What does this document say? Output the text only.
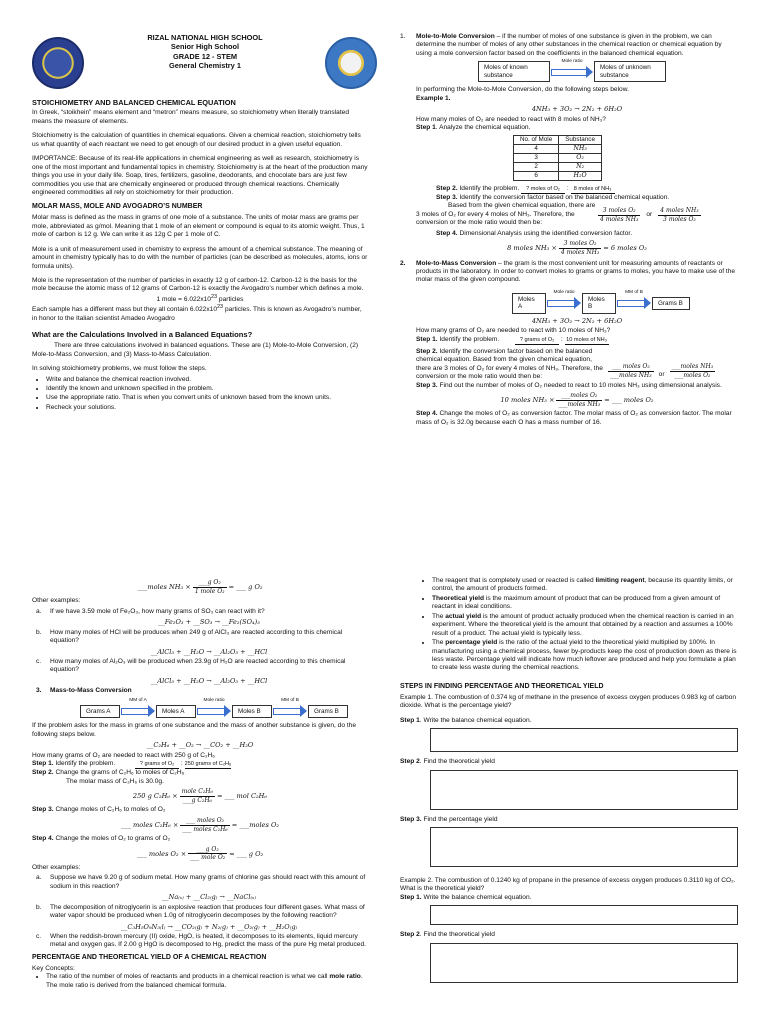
RIZAL NATIONAL HIGH SCHOOL
Senior High School
GRADE 12 - STEM
General Chemistry 1
STOICHIOMETRY AND BALANCED CHEMICAL EQUATION

In Greek, “stoikhein” means element and “metron” means measure, so stoichiometry when literally translated means the measure of elements.

Stoichiometry is the calculation of quantities in chemical equations. Given a chemical reaction, stoichiometry tells us what quantity of each reactant we need to get enough of our desired product in a given useful equation.

IMPORTANCE: Because of its real-life applications in chemical engineering as well as research, stoichiometry is one of the most important and fundamental topics in chemistry. Stoichiometry is at the heart of the production many things you use in your daily life. Soap, tires, fertilizers, gasoline, deodorants, and chocolate bars are just few commodities you use that are chemically engineered or produced through chemical reactions. Chemically engineered commodities all rely on stoichiometry for their production.

MOLAR MASS, MOLE AND AVOGADRO’S NUMBER

Molar mass is defined as the mass in grams of one mole of a substance. The units of molar mass are grams per mole, abbreviated as g/mol. Meaning that 1 mole of an element or compound is equal to its atomic weight. Thus, 1 mole of carbon is 12 g. We can write it as 12g C per 1 mole of C.

Mole is a unit of measurement used in chemistry to express the amount of a chemical substance. The meaning of amount in chemistry typically has to do with the number of particles (can be described as molecules, atoms, ions or formula units).

Mole is the representation of the number of particles in exactly 12 g of carbon-12. Carbon-12 is the basis for the mole because the atomic mass of 12 grams of Carbon-12 is exactly the Avogadro’s number which defines a mole.

1 mole = $6.022x10^{23}$ particles

Each sample has a different mass but they all contain $6.022x10^{23}$ particles. This is known as Avogadro’s number, in honor to the Italian scientist Amadeo Avogadro

What are the Calculations Involved in a Balanced Equations?

There are three calculations involved in balanced equations. These are (1) Mole-to-Mole Conversion, (2) Mole-to-Mass Conversion, and (3) Mass-to-Mass Calculation.

In solving stoichiometry problems, we must follow the steps.

• Write and balance the chemical reaction involved.
• Identify the known and unknown specified in the problem.
• Use the appropriate ratio. That is when you convert units of unknown based from the known units.
• Recheck your solutions.

1. Mole-to-Mole Conversion – if the number of moles of one substance is given in the problem, we can determine the number of moles of any other substances in the chemical reaction or chemical equation by using a mole conversion factor based on the coefficients in the balanced chemical equation.

Moles of known substance
Mole ratio
Moles of unknown substance

In performing the Mole-to-Mole Conversion, do the following steps below.

Example 1.
4NH₃ + 3O₂ → 2N₂ + 6H₂O
How many moles of O₂ are needed to react with 8 moles of NH₃?
Step 1. Analyze the chemical equation.
No. of Mole	Substance
4	NH₃
3	O₂
2	N₂
6	H₂O
Step 2. Identify the problem. ? moles of O₂ : 8 moles of NH₃
Step 3. Identify the conversion factor based on the balanced chemical equation.
Based from the given chemical equation, there are 3 moles of O₂ for every 4 moles of NH₃. Therefore, the conversion or the mole ratio would then be:	$\frac{\text{3 moles O₂}}{\text{4 moles NH₃}}$ or $\frac{\text{4 moles NH₃}}{\text{3 moles O₂}}$
Step 4. Dimensional Analysis using the identified conversion factor.
8 moles $NH_3 \times \frac{\text{3 moles O₂}}{\text{4 moles NH₃}} = 6$ moles O₂

2. Mole-to-Mass Conversion – the gram is the most convenient unit for measuring amounts of reactants or products in the laboratory. In order to convert moles to grams or grams to moles, you have to make use of the molar mass of the given compound.

Moles A
Mole ratio
Moles B
MM of B
Grams B
4NH₃ + 3O₂ → 2N₂ + 6H₂O
How many grams of O₂ are needed to react with 10 moles of NH₃?
Step 1. Identify the problem.	? grams of O₂ : 10 moles of NH₃
Step 2. Identify the conversion factor based on the balanced chemical equation. Based from the given chemical equation, there are 3 moles of O₂ for every 4 moles of NH₃. Therefore, the conversion or the mole ratio would then be:	$\frac{\text{\_\_\_ moles O₂}}{\text{\_\_\_moles NH₃}}$ or $\frac{\text{\_\_\_moles NH₃}}{\text{\_\_\_moles O₂}}$
Step 3. Find out the number of moles of O₂ needed to react to 10 moles NH₃ using dimensional analysis.
10 moles $NH_3 \times \frac{\text{\_\_\_moles O₂}}{\text{\_\_\_moles NH₃}}$ = ___ moles O₂
Step 4. Change the moles of O₂ as conversion factor. The molar mass of O₂ as conversion factor. The molar mass of O₂ is 32.0g because each O has a mass number of 16.
___moles $NH_3 \times \frac{\text{\_\_\_g O₂}}{\text{1 mole O₂}}$ = ___ g O₂
Other examples:
a. If we have 3.59 mole of Fe₂O₃, how many grams of SO₃ can react with it?
__Fe₂O₃ + __SO₃ → __Fe₂(SO₄)₃
b. How many moles of HCl will be produces when 249 g of AlCl₃ are reacted according to this chemical equation?
__AlCl₃ + __H₂O → __Al₂O₃ + __HCl
c. How many moles of Al₂O₃ will be produced when 23.9g of H₂O are reacted according to this chemical equation?
__AlCl₃ + __H₂O → __Al₂O₃ + __HCl
3. Mass-to-Mass Conversion
Grams A
MM of A
Moles A
Mole ratio
Moles B
MM of B
Grams B
If the problem asks for the mass in grams of one substance and the mass of another substance is given, do the following steps below.
__C₂H₆ + __O₂ → __CO₂ + __H₂O
How many grams of O₂ are needed to react with 250 g of C₂H₆
Step 1. Identify the problem.	? grams of O₂ : 250 grams of C₂H₆
Step 2. Change the grams of C₂H₆ to moles of C₂H₆
The molar mass of C₂H₆ is 30.0g.
250 g $C_2H_6 \times \frac{\text{mole C₂H₆}}{\text{\_\_\_g C₂H₆}}$ = ___ mol C₂H₆
Step 3. Change moles of C₂H₆ to moles of O₂
___ moles $C_2H_6 \times \frac{\text{\_\_\_ moles O₂}}{\text{\_\_\_ moles C₂H₆}}$ = ___moles O₂
Step 4. Change the moles of O₂ to grams of O₂
___ moles $O_2 \times \frac{\text{\_\_\_g O₂}}{\text{\_\_\_ mole O₂}}$ = ___ g O₂
Other examples:
a. Suppose we have 9.20 g of sodium metal. How many grams of chlorine gas should react with this amount of sodium in this reaction?
__Na₍ₛ₎ + __Cl₂₍g₎ → __NaCl₍ₛ₎
b. The decomposition of nitroglycerin is an explosive reaction that produces four different gases. What mass of water vapor should be produced when 1.0g of nitroglycerin decomposes by the following reaction?
__C₃H₅O₉N₃₍l₎ → __CO₂₍g₎ + N₂₍g₎ + __O₂₍g₎ + __H₂O₍g₎
c. When the reddish-brown mercury (II) oxide, HgO, is heated, it decomposes to its elements, liquid mercury metal and oxygen gas. If 2.00 g HgO is decomposed to Hg, predict the mass of the pure Hg metal produced.
PERCENTAGE AND THEORETICAL YIELD OF A CHEMICAL REACTION
Key Concepts:
• The ratio of the number of moles of reactants and products in a chemical reaction is what we call mole ratio. The mole ratio is derived from the balanced chemical formula.
• The reagent that is completely used or reacted is called limiting reagent, because its quantity limits, or control, the amount of products formed.
• Theoretical yield is the maximum amount of product that can be produced from a given amount of reactant in ideal conditions.
• The actual yield is the amount of product actually produced when the chemical reaction is carried in an experiment. Where the theoretical yield is the amount that obtained by a reaction and assumes a 100% result of a product. The actual yield is typically less.
• The percentage yield is the ratio of the actual yield to the theoretical yield multiplied by 100%. In manufacturing using a chemical process, fewer by-products keep the cost of production down as there is less waste. Percentage yield will indicate how much leftover are produced and help you formulate a plan to create less waste during the chemical reactions.
STEPS IN FINDING PERCENTAGE AND THEORETICAL YIELD
Example 1. The combustion of 0.374 kg of methane in the presence of excess oxygen produces 0.983 kg of carbon dioxide. What is the percentage yield?
Step 1. Write the balance chemical equation.
Step 2. Find the theoretical yield
Step 3. Find the percentage yield
Example 2. The combustion of 0.1240 kg of propane in the presence of excess oxygen produces 0.3110 kg of CO₂. What is the theoretical yield?
Step 1. Write the balance chemical equation.
Step 2. Find the theoretical yield
